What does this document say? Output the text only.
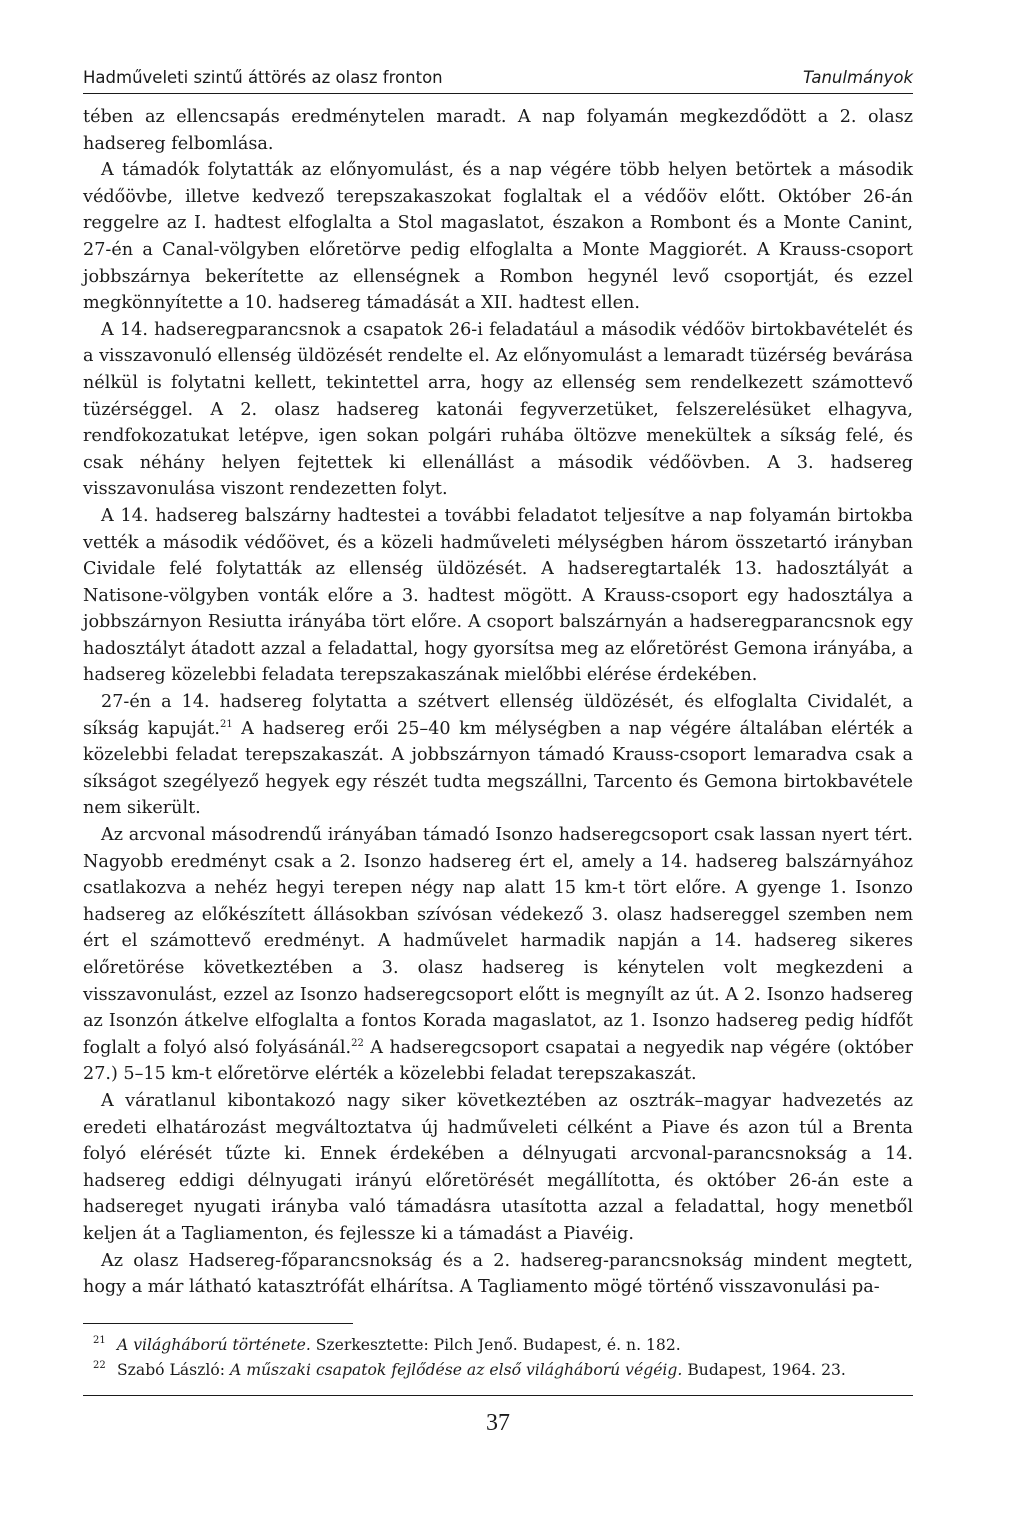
Hadműveleti szintű áttörés az olasz fronton	Tanulmányok

tében az ellencsapás eredménytelen maradt. A nap folyamán megkezdődött a 2. olasz hadsereg felbomlása.

A támadók folytatták az előnyomulást, és a nap végére több helyen betörtek a második védőövbe, illetve kedvező terepszakaszokat foglaltak el a védőöv előtt. Október 26-án reggelre az I. hadtest elfoglalta a Stol magaslatot, északon a Rombont és a Monte Canint, 27-én a Canal-völgyben előretörve pedig elfoglalta a Monte Maggiorét. A Krauss-csoport jobbszárnya bekerítette az ellenségnek a Rombon hegynél levő csoportját, és ezzel megkönnyítette a 10. hadsereg támadását a XII. hadtest ellen.

A 14. hadseregparancsnok a csapatok 26-i feladatául a második védőöv birtokbavételét és a visszavonuló ellenség üldözését rendelte el. Az előnyomulást a lemaradt tüzérség bevárása nélkül is folytatni kellett, tekintettel arra, hogy az ellenség sem rendelkezett számottevő tüzérséggel. A 2. olasz hadsereg katonái fegyverzetüket, felszerelésüket elhagyva, rendfokozatukat letépve, igen sokan polgári ruhába öltözve menekültek a síkság felé, és csak néhány helyen fejtettek ki ellenállást a második védőövben. A 3. hadsereg visszavonulása viszont rendezetten folyt.

A 14. hadsereg balszárny hadtestei a további feladatot teljesítve a nap folyamán birtokba vették a második védőövet, és a közeli hadműveleti mélységben három összetartó irányban Cividale felé folytatták az ellenség üldözését. A hadseregtartalék 13. hadosztályát a Natisone-völgyben vonták előre a 3. hadtest mögött. A Krauss-csoport egy hadosztálya a jobbszárnyon Resiutta irányába tört előre. A csoport balszárnyán a hadseregparancsnok egy hadosztályt átadott azzal a feladattal, hogy gyorsítsa meg az előretörést Gemona irányába, a hadsereg közelebbi feladata terepszakaszának mielőbbi elérése érdekében.

27-én a 14. hadsereg folytatta a szétvert ellenség üldözését, és elfoglalta Cividalét, a síkság kapuját.$^{21}$ A hadsereg erői 25–40 km mélységben a nap végére általában elérték a közelebbi feladat terepszakaszát. A jobbszárnyon támadó Krauss-csoport lemaradva csak a síkságot szegélyező hegyek egy részét tudta megszállni, Tarcento és Gemona birtokbavétele nem sikerült.

Az arcvonal másodrendű irányában támadó Isonzo hadseregcsoport csak lassan nyert tért. Nagyobb eredményt csak a 2. Isonzo hadsereg ért el, amely a 14. hadsereg balszárnyához csatlakozva a nehéz hegyi terepen négy nap alatt 15 km-t tört előre. A gyenge 1. Isonzo hadsereg az előkészített állásokban szívósan védekező 3. olasz hadsereggel szemben nem ért el számottevő eredményt. A hadművelet harmadik napján a 14. hadsereg sikeres előretörése következtében a 3. olasz hadsereg is kénytelen volt megkezdeni a visszavonulást, ezzel az Isonzo hadseregcsoport előtt is megnyílt az út. A 2. Isonzo hadsereg az Isonzón átkelve elfoglalta a fontos Korada magaslatot, az 1. Isonzo hadsereg pedig hídfőt foglalt a folyó alsó folyásánál.$^{22}$ A hadseregcsoport csapatai a negyedik nap végére (október 27.) 5–15 km-t előretörve elérték a közelebbi feladat terepszakaszát.

A váratlanul kibontakozó nagy siker következtében az osztrák–magyar hadvezetés az eredeti elhatározást megváltoztatva új hadműveleti célként a Piave és azon túl a Brenta folyó elérését tűzte ki. Ennek érdekében a délnyugati arcvonal-parancsnokság a 14. hadsereg eddigi délnyugati irányú előretörését megállította, és október 26-án este a hadsereget nyugati irányba való támadásra utasította azzal a feladattal, hogy menetből keljen át a Tagliamenton, és fejlessze ki a támadást a Piavéig.

Az olasz Hadsereg-főparancsnokság és a 2. hadsereg-parancsnokság mindent megtett, hogy a már látható katasztrófát elhárítsa. A Tagliamento mögé történő visszavonulási pa-

21 A világháború története. Szerkesztette: Pilch Jenő. Budapest, é. n. 182.
22 Szabó László: A műszaki csapatok fejlődése az első világháború végéig. Budapest, 1964. 23.
37
